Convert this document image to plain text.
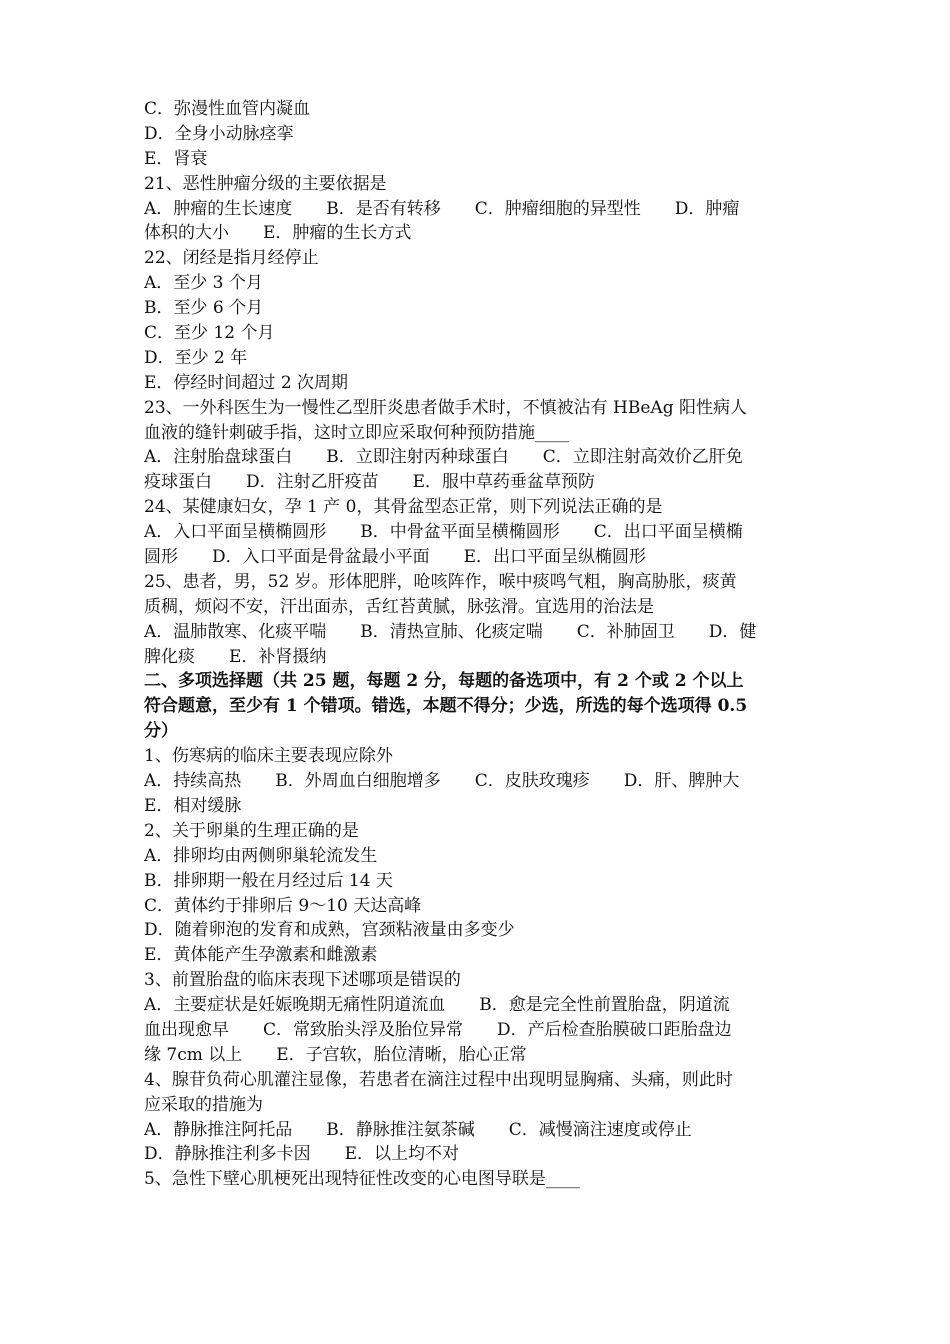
C．弥漫性血管内凝血
D．全身小动脉痉挛
E．肾衰
21、恶性肿瘤分级的主要依据是
A．肿瘤的生长速度　　B．是否有转移　　C．肿瘤细胞的异型性　　D．肿瘤
体积的大小　　E．肿瘤的生长方式
22、闭经是指月经停止
A．至少 3 个月
B．至少 6 个月
C．至少 12 个月
D．至少 2 年
E．停经时间超过 2 次周期
23、一外科医生为一慢性乙型肝炎患者做手术时，不慎被沾有 HBeAg 阳性病人
血液的缝针刺破手指，这时立即应采取何种预防措施____
A．注射胎盘球蛋白　　B．立即注射丙种球蛋白　　C．立即注射高效价乙肝免
疫球蛋白　　D．注射乙肝疫苗　　E．服中草药垂盆草预防
24、某健康妇女，孕 1 产 0，其骨盆型态正常，则下列说法正确的是
A．入口平面呈横椭圆形　　B．中骨盆平面呈横椭圆形　　C．出口平面呈横椭
圆形　　D．入口平面是骨盆最小平面　　E．出口平面呈纵椭圆形
25、患者，男，52 岁。形体肥胖，呛咳阵作，喉中痰鸣气粗，胸高胁胀，痰黄
质稠，烦闷不安，汗出面赤，舌红苔黄腻，脉弦滑。宜选用的治法是
A．温肺散寒、化痰平喘　　B．清热宣肺、化痰定喘　　C．补肺固卫　　D．健
脾化痰　　E．补肾摄纳
二、多项选择题（共 25 题，每题 2 分，每题的备选项中，有 2 个或 2 个以上
符合题意，至少有 1 个错项。错选，本题不得分；少选，所选的每个选项得 0.5
分）
1、伤寒病的临床主要表现应除外
A．持续高热　　B．外周血白细胞增多　　C．皮肤玫瑰疹　　D．肝、脾肿大
E．相对缓脉
2、关于卵巢的生理正确的是
A．排卵均由两侧卵巢轮流发生
B．排卵期一般在月经过后 14 天
C．黄体约于排卵后 9～10 天达高峰
D．随着卵泡的发育和成熟，宫颈粘液量由多变少
E．黄体能产生孕激素和雌激素
3、前置胎盘的临床表现下述哪项是错误的
A．主要症状是妊娠晚期无痛性阴道流血　　B．愈是完全性前置胎盘，阴道流
血出现愈早　　C．常致胎头浮及胎位异常　　D．产后检查胎膜破口距胎盘边
缘 7cm 以上　　E．子宫软，胎位清晰，胎心正常
4、腺苷负荷心肌灌注显像，若患者在滴注过程中出现明显胸痛、头痛，则此时
应采取的措施为
A．静脉推注阿托品　　B．静脉推注氨茶碱　　C．减慢滴注速度或停止
D．静脉推注利多卡因　　E．以上均不对
5、急性下壁心肌梗死出现特征性改变的心电图导联是____
